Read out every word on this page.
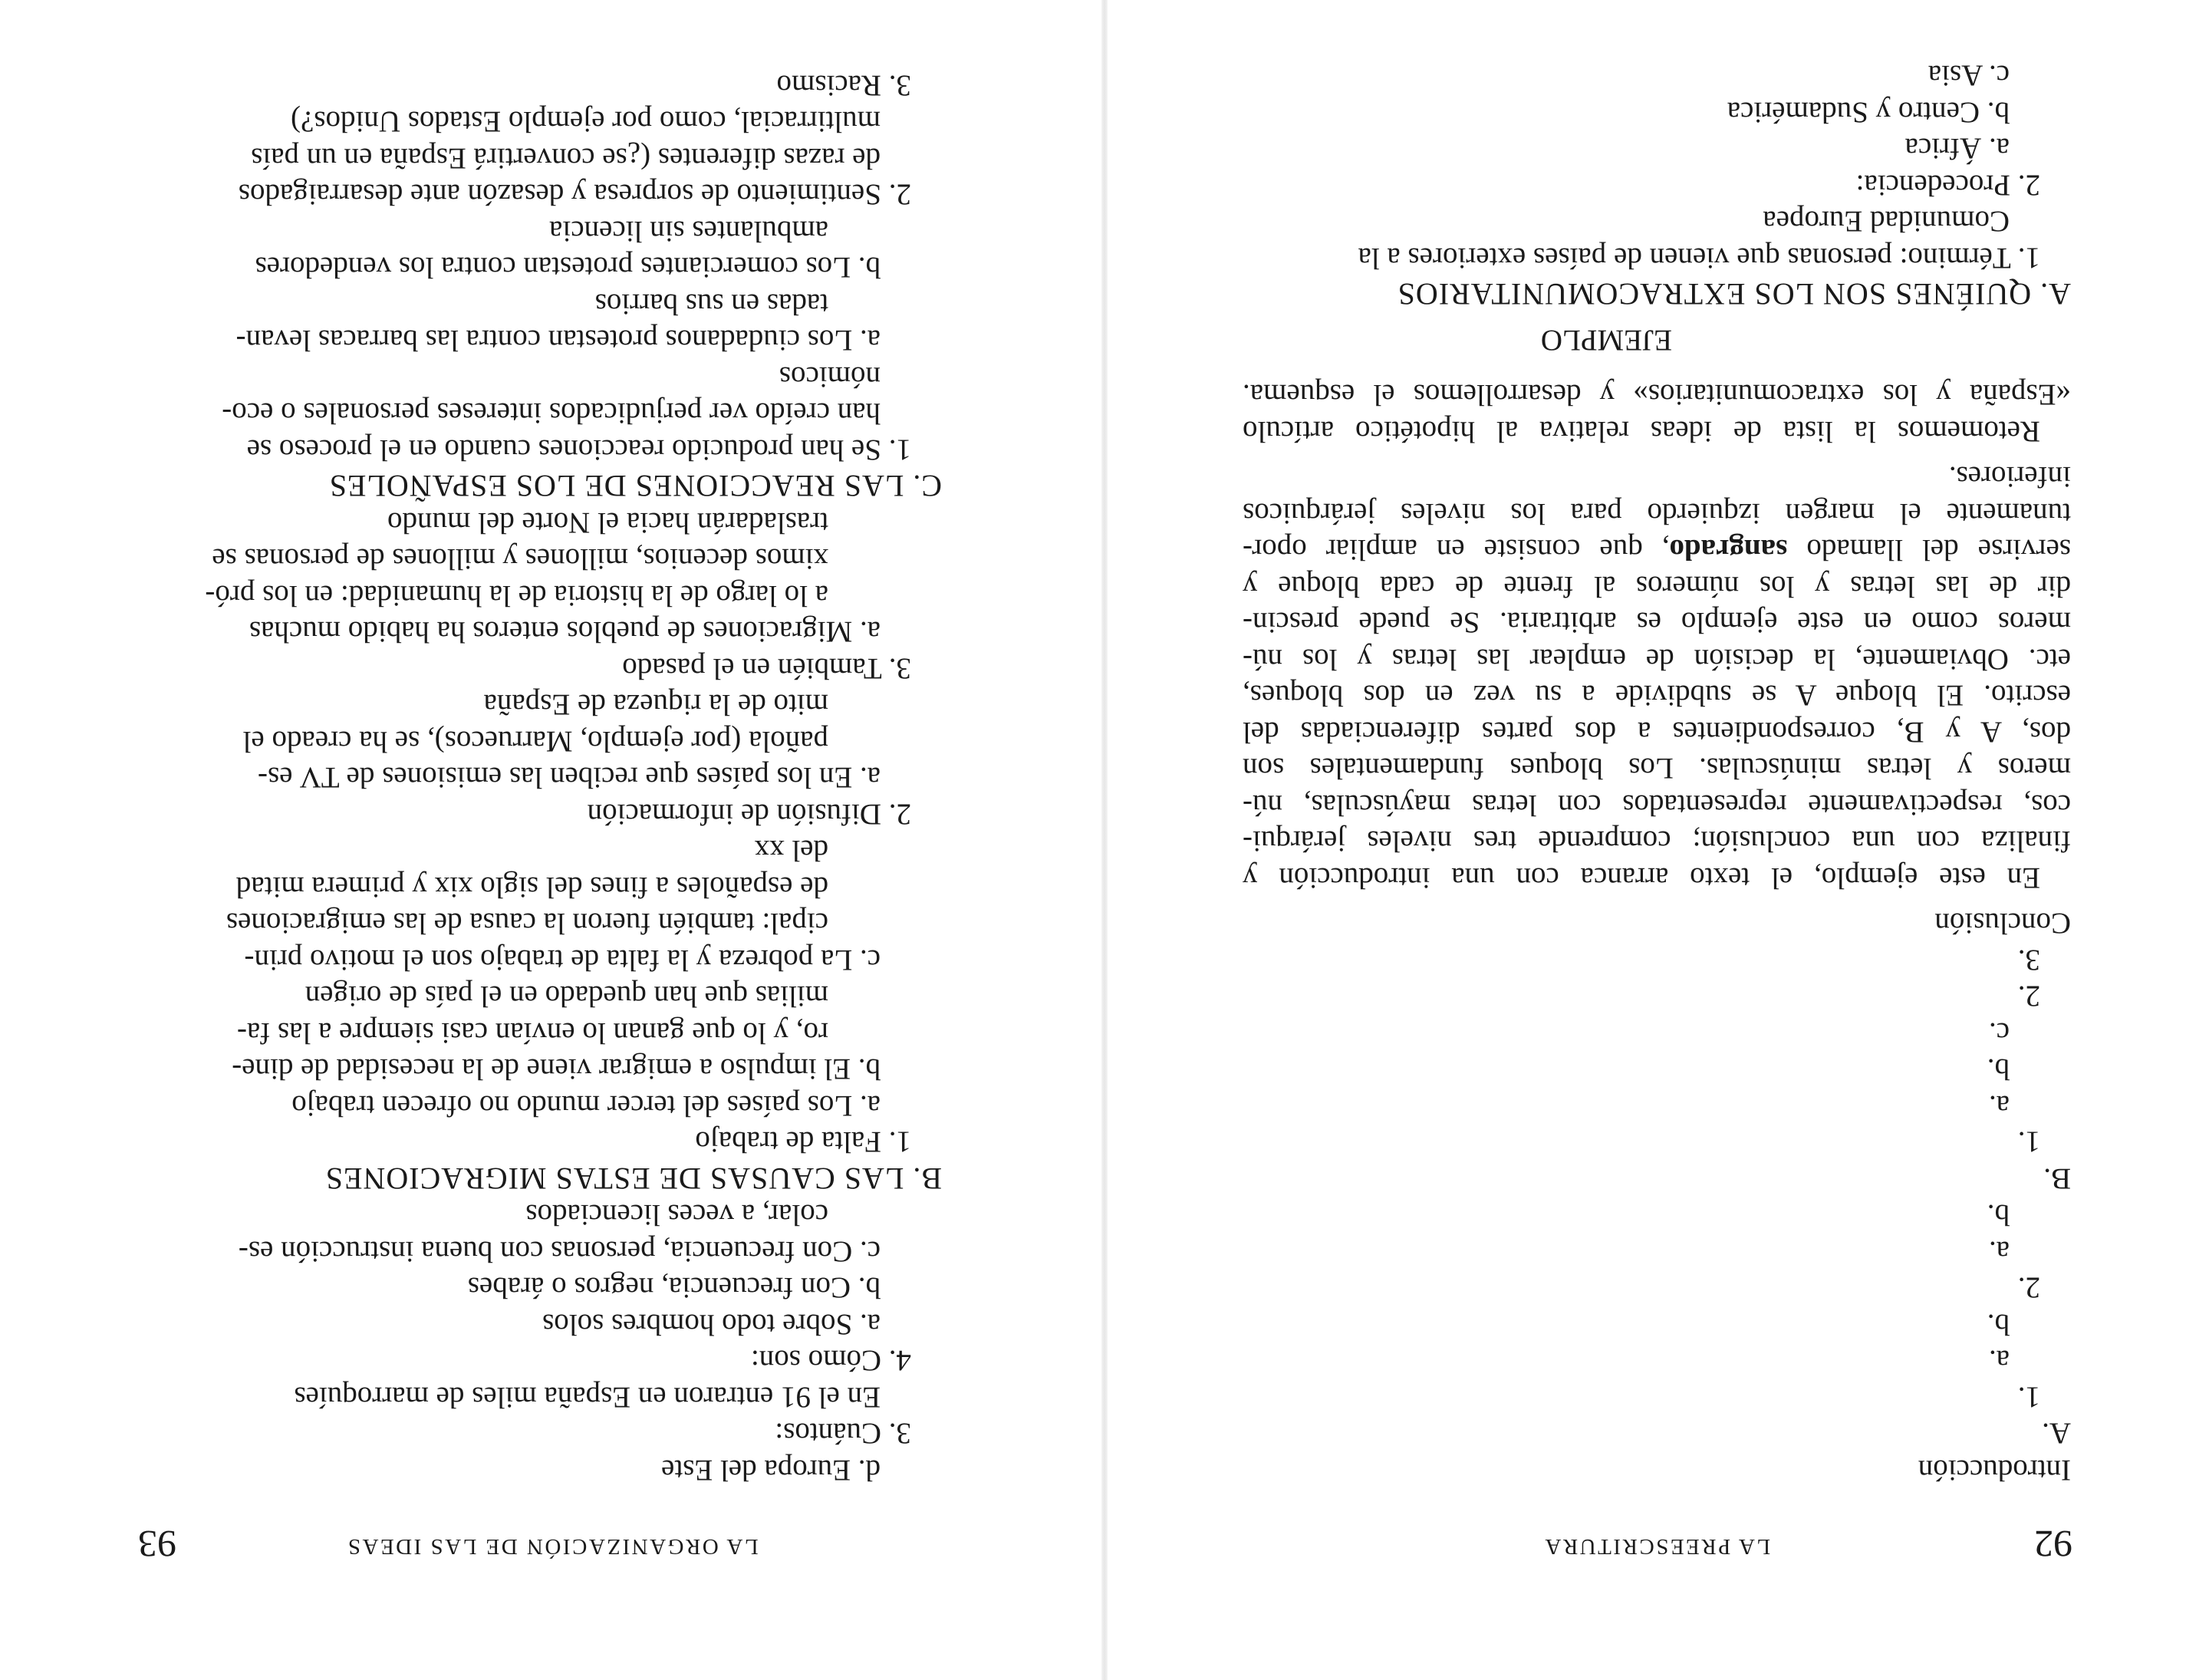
92
LA PREESCRITURA
Introducción
A.
1.
a.
b.
2.
a.
b.
B.
1.
a.
b.
c.
2.
3.
Conclusión
En este ejemplo, el texto arranca con una introducción y
finaliza con una conclusión; comprende tres niveles jerárqui-
cos, respectivamente representados con letras mayúsculas, nú-
meros y letras minúsculas. Los bloques fundamentales son
dos, A y B, correspondientes a dos partes diferenciadas del
escrito. El bloque A se subdivide a su vez en dos bloques,
etc. Obviamente, la decisión de emplear las letras y los nú-
meros como en este ejemplo es arbitraria. Se puede prescin-
dir de las letras y los números al frente de cada bloque y
servirse del llamado sangrado, que consiste en ampliar opor-
tunamente el margen izquierdo para los niveles jerárquicos
inferiores.
Retomemos la lista de ideas relativa al hipotético artículo
«España y los extracomunitarios» y desarrollemos el esquema.
EJEMPLO
A. QUIÉNES SON LOS EXTRACOMUNITARIOS
1. Término: personas que vienen de países exteriores a la
Comunidad Europea
2. Procedencia:
a. África
b. Centro y Sudamérica
c. Asia
LA ORGANIZACIÓN DE LAS IDEAS
93
d. Europa del Este
3. Cuántos:
En el 91 entraron en España miles de marroquíes
4. Cómo son:
a. Sobre todo hombres solos
b. Con frecuencia, negros o árabes
c. Con frecuencia, personas con buena instrucción es-
colar, a veces licenciados
B. LAS CAUSAS DE ESTAS MIGRACIONES
1. Falta de trabajo
a. Los países del tercer mundo no ofrecen trabajo
b. El impulso a emigrar viene de la necesidad de dine-
ro, y lo que ganan lo envían casi siempre a las fa-
milias que han quedado en el país de origen
c. La pobreza y la falta de trabajo son el motivo prin-
cipal: también fueron la causa de las emigraciones
de españoles a fines del siglo xix y primera mitad
del xx
2. Difusión de información
a. En los países que reciben las emisiones de TV es-
pañola (por ejemplo, Marruecos), se ha creado el
mito de la riqueza de España
3. También en el pasado
a. Migraciones de pueblos enteros ha habido muchas
a lo largo de la historia de la humanidad: en los pró-
ximos decenios, millones y millones de personas se
trasladarán hacia el Norte del mundo
C. LAS REACCIONES DE LOS ESPAÑOLES
1. Se han producido reacciones cuando en el proceso se
han creído ver perjudicados intereses personales o eco-
nómicos
a. Los ciudadanos protestan contra las barracas levan-
tadas en sus barrios
b. Los comerciantes protestan contra los vendedores
ambulantes sin licencia
2. Sentimiento de sorpresa y desazón ante desarraigados
de razas diferentes (¿se convertirá España en un país
multirracial, como por ejemplo Estados Unidos?)
3. Racismo
